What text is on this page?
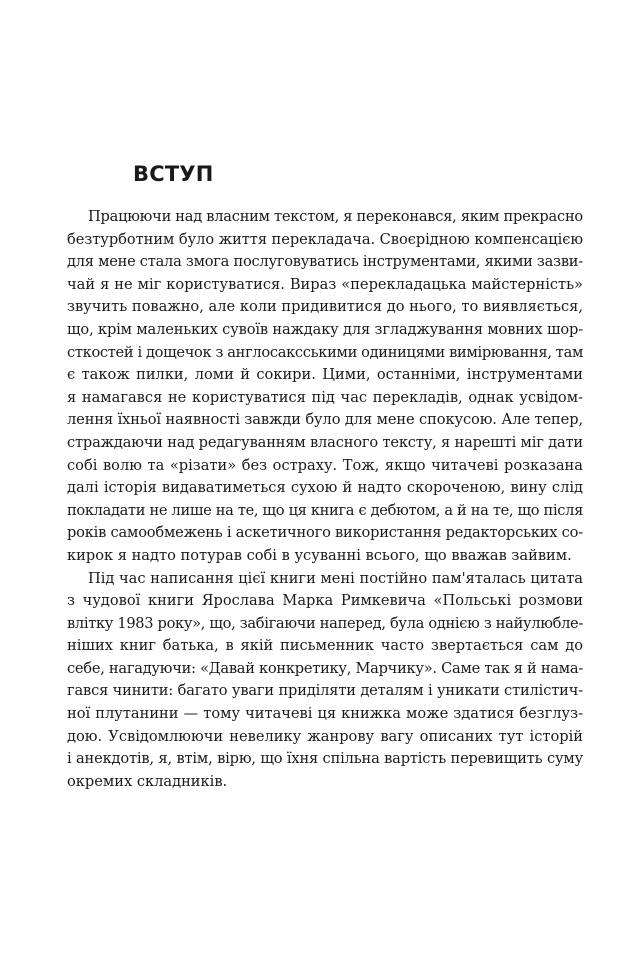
ВСТУП

Працюючи над власним текстом, я переконався, яким прекрасно
безтурботним було життя перекладача. Своєрідною компенсацією
для мене стала змога послуговуватись інструментами, якими зазви-
чай я не міг користуватися. Вираз «перекладацька майстерність»
звучить поважно, але коли придивитися до нього, то виявляється,
що, крім маленьких сувоїв наждаку для згладжування мовних шор-
сткостей і дощечок з англосаксськими одиницями вимірювання, там
є також пилки, ломи й сокири. Цими, останніми, інструментами
я намагався не користуватися під час перекладів, однак усвідом-
лення їхньої наявності завжди було для мене спокусою. Але тепер,
страждаючи над редагуванням власного тексту, я нарешті міг дати
собі волю та «різати» без остраху. Тож, якщо читачеві розказана
далі історія видаватиметься сухою й надто скороченою, вину слід
покладати не лише на те, що ця книга є дебютом, а й на те, що після
років самообмежень і аскетичного використання редакторських со-
кирок я надто потурав собі в усуванні всього, що вважав зайвим.

Під час написання цієї книги мені постійно пам'яталась цитата
з чудової книги Ярослава Марка Римкевича «Польські розмови
влітку 1983 року», що, забігаючи наперед, була однією з найулюбле-
ніших книг батька, в якій письменник часто звертається сам до
себе, нагадуючи: «Давай конкретику, Марчику». Саме так я й нама-
гався чинити: багато уваги приділяти деталям і уникати стилістич-
ної плутанини — тому читачеві ця книжка може здатися безглуз-
дою. Усвідомлюючи невелику жанрову вагу описаних тут історій
і анекдотів, я, втім, вірю, що їхня спільна вартість перевищить суму
окремих складників.
